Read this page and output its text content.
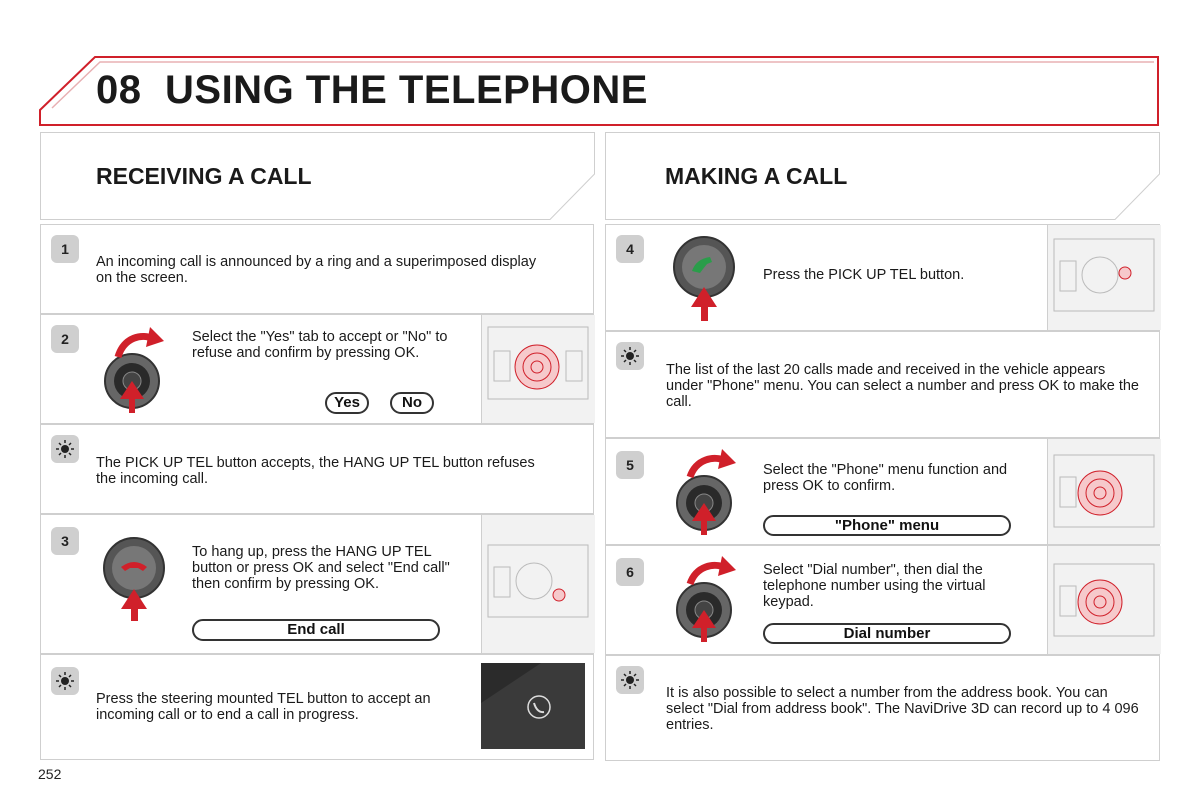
08 USING THE TELEPHONE
RECEIVING A CALL	MAKING A CALL
1
An incoming call is announced by a ring and a superimposed display on the screen.
2	Select the "Yes" tab to accept or "No" to refuse and confirm by pressing OK.
Yes	No
The PICK UP TEL button accepts, the HANG UP TEL button refuses the incoming call.
3
To hang up, press the HANG UP TEL button or press OK and select "End call" then confirm by pressing OK.
End call
Press the steering mounted TEL button to accept an incoming call or to end a call in progress.
4
Press the PICK UP TEL button.
The list of the last 20 calls made and received in the vehicle appears under "Phone" menu. You can select a number and press OK to make the call.
5	Select the "Phone" menu function and press OK to confirm.
"Phone" menu
6	Select "Dial number", then dial the telephone number using the virtual keypad.
Dial number
It is also possible to select a number from the address book. You can select "Dial from address book". The NaviDrive 3D can record up to 4 096 entries.
252
